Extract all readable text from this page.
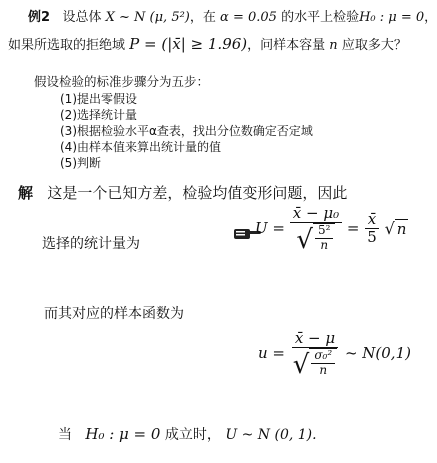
例2 设总体 X ~ N (μ, 5²)，在 α = 0.05 的水平上检验H₀ : μ = 0，
如果所选取的拒绝域 P = (|x̄| ≥ 1.96)，问样本容量 n 应取多大？
假设检验的标准步骤分为五步：
(1)提出零假设
(2)选择统计量
(3)根据检验水平α查表，找出分位数确定否定域
(4)由样本值来算出统计量的值
(5)判断
解 这是一个已知方差，检验均值变形问题，因此
选择的统计量为
$U = \frac{\text{x̄ − μ₀}}{√ \frac{\text{5²}}{n}} = \frac{x̄}{5}$
√ n
而其对应的样本函数为
$u = \frac{x̄ - \mu}{√ \frac{\text{σ₀²}}{n}}$ ~ N(0,1)
当 H₀ : μ = 0 成立时， U ~ N (0, 1).
